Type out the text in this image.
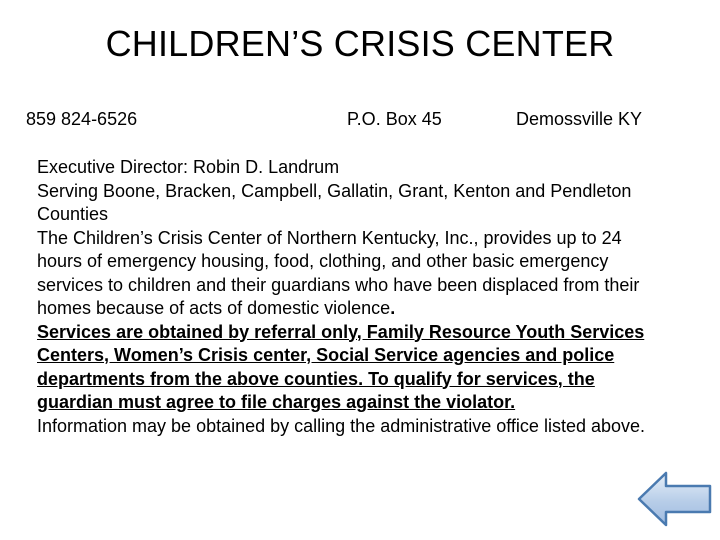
CHILDREN’S CRISIS CENTER
859 824-6526	P.O. Box 45	Demossville KY

Executive Director: Robin D. Landrum

Serving Boone, Bracken, Campbell, Gallatin, Grant, Kenton and Pendleton Counties

The Children’s Crisis Center of Northern Kentucky, Inc., provides up to 24 hours of emergency housing, food, clothing, and other basic emergency services to children and their guardians who have been displaced from their homes because of acts of domestic violence.

Services are obtained by referral only, Family Resource Youth Services Centers, Women’s Crisis center, Social Service agencies and police departments from the above counties. To qualify for services, the guardian must agree to file charges against the violator.

Information may be obtained by calling the administrative office listed above.
